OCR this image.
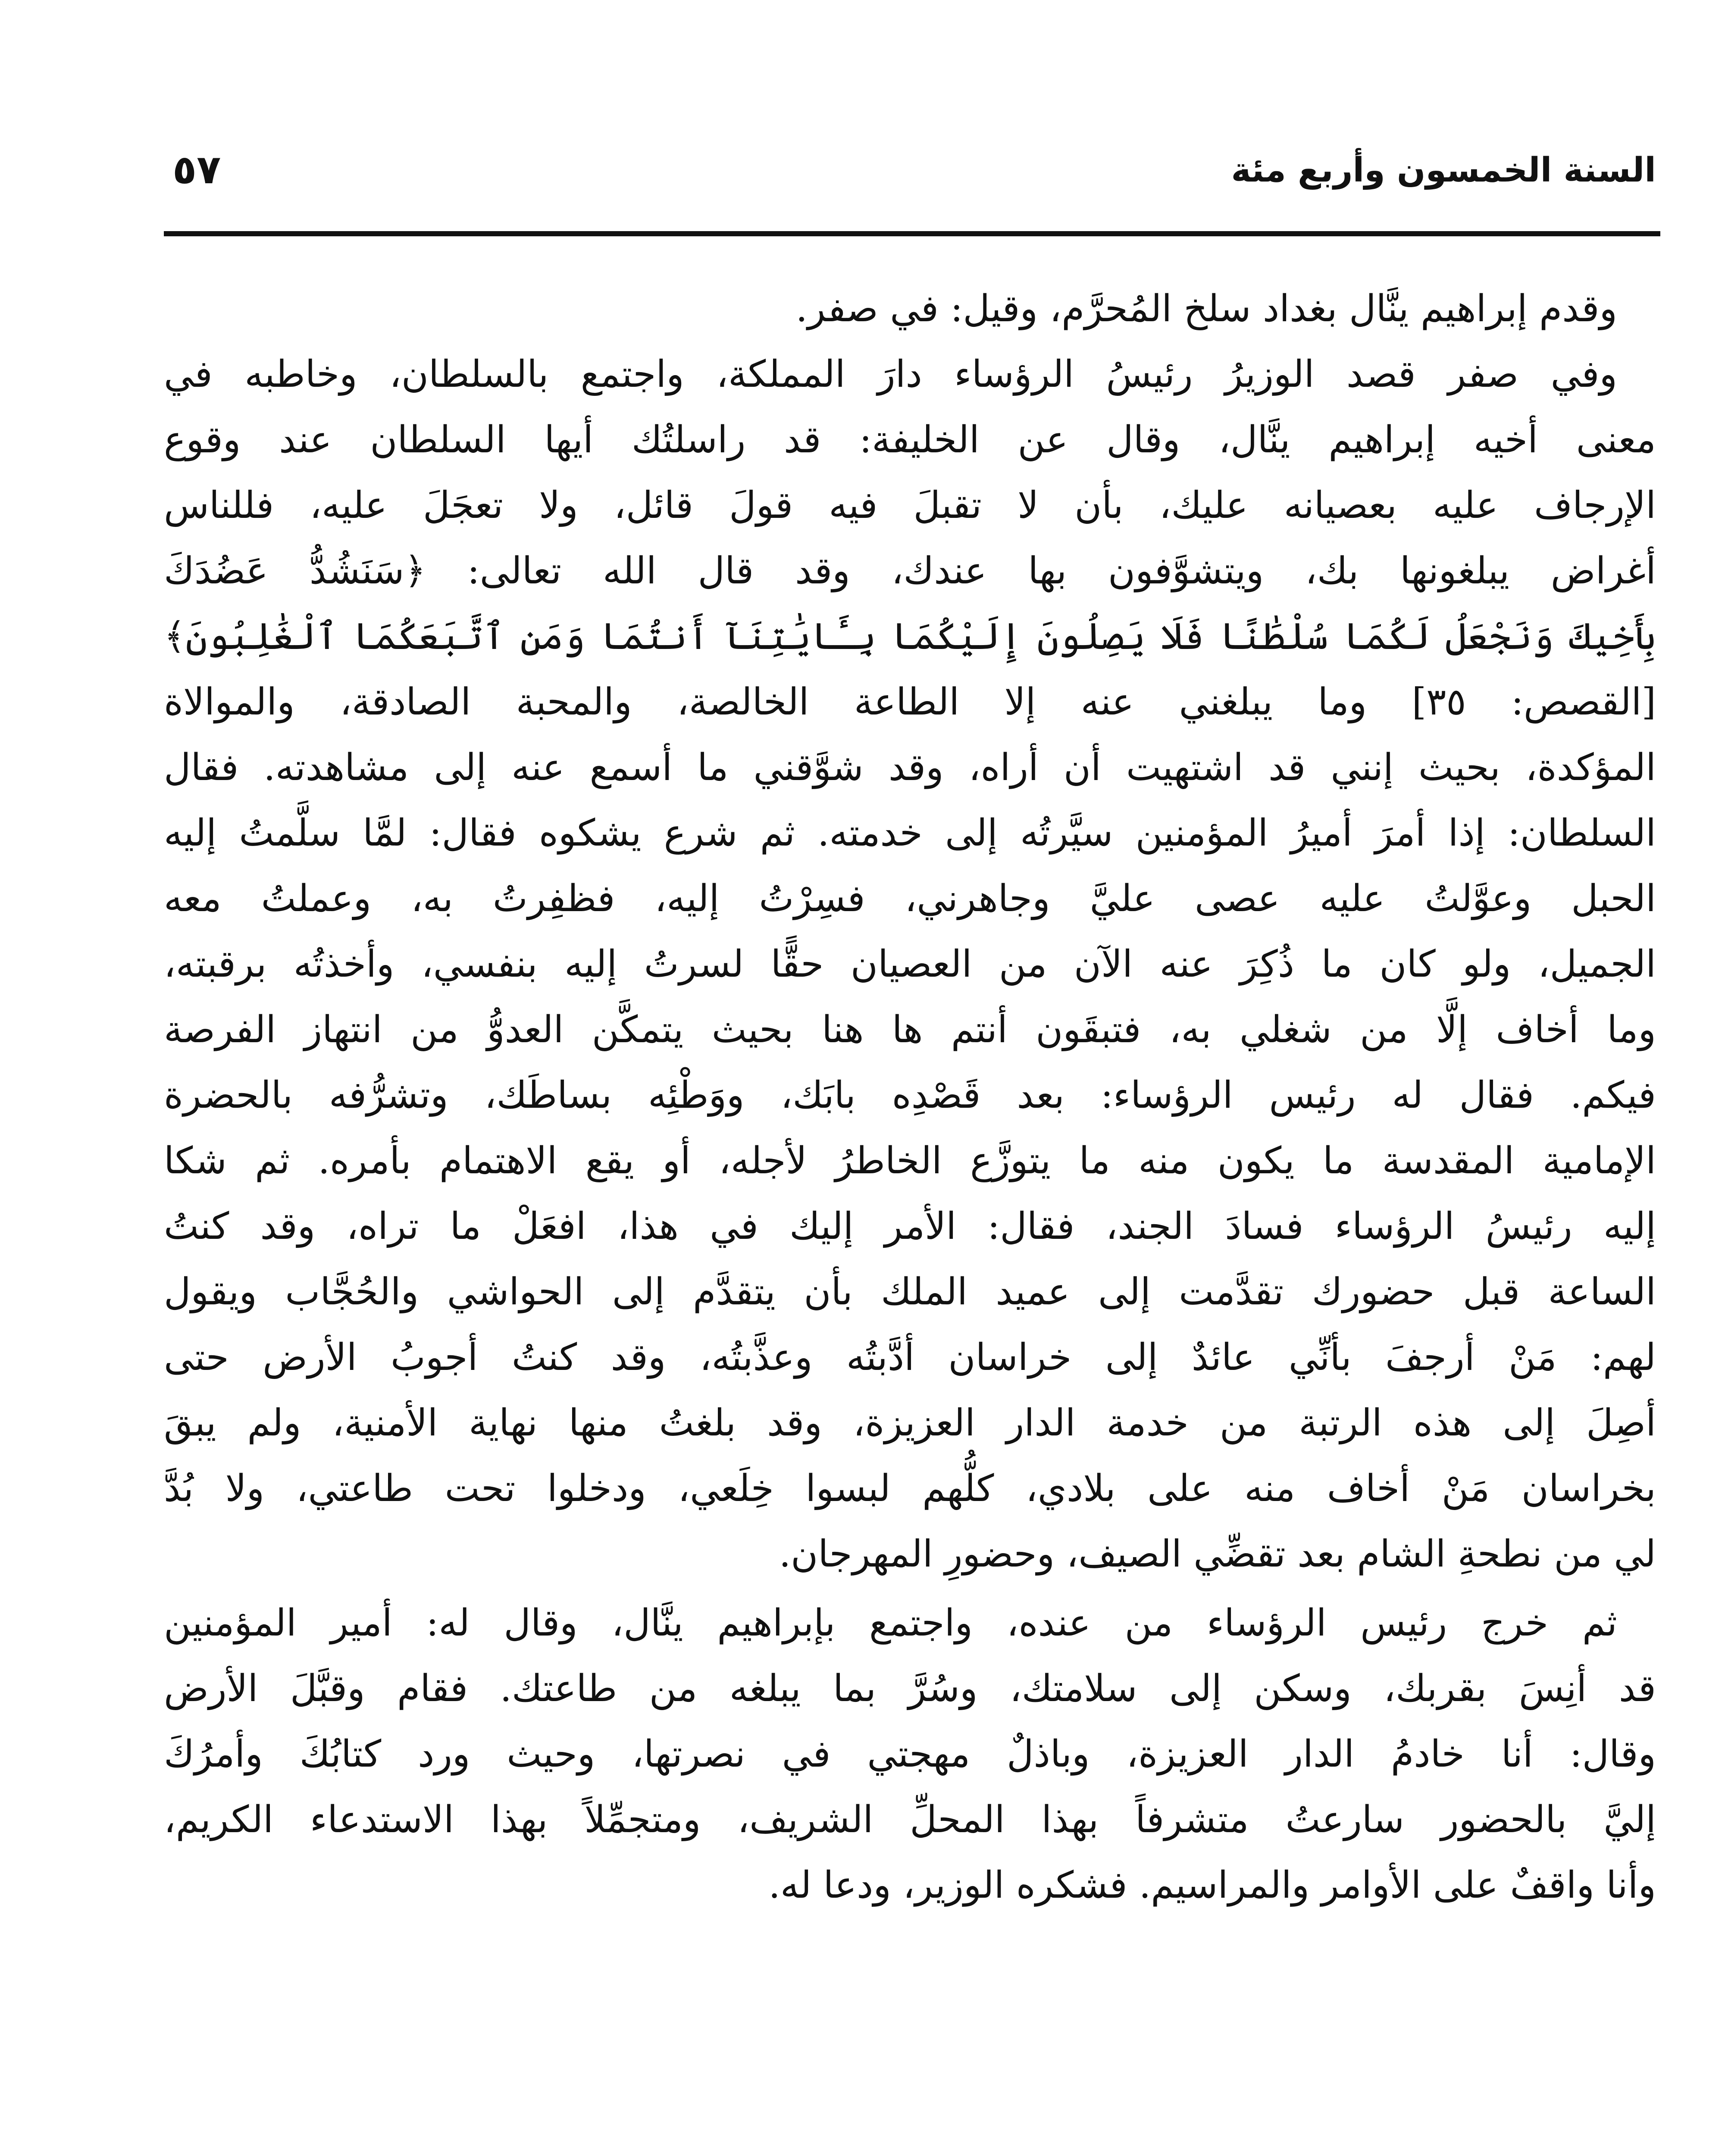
السنة الخمسون وأربع مئة
٥٧
وقدم إبراهيم ينَّال بغداد سلخ المُحرَّم، وقيل: في صفر.
وفي صفر قصد الوزيرُ رئيسُ الرؤساء دارَ المملكة، واجتمع بالسلطان، وخاطبه في
معنى أخيه إبراهيم ينَّال، وقال عن الخليفة: قد راسلتُك أيها السلطان عند وقوع
الإرجاف عليه بعصيانه عليك، بأن لا تقبلَ فيه قولَ قائل، ولا تعجَلَ عليه، فللناس
أغراض يبلغونها بك، ويتشوَّفون بها عندك، وقد قال الله تعالى: ﴿سَنَشُدُّ عَضُدَكَ
بِأَخِيكَ وَنَجْعَلُ لَكُمَا سُلْطَٰنًا فَلَا يَصِلُونَ إِلَيْكُمَا بِـَٔايَٰتِنَآ أَنتُمَا وَمَنِ ٱتَّبَعَكُمَا ٱلْغَٰلِبُونَ﴾
[القصص: ٣٥] وما يبلغني عنه إلا الطاعة الخالصة، والمحبة الصادقة، والموالاة
المؤكدة، بحيث إنني قد اشتهيت أن أراه، وقد شوَّقني ما أسمع عنه إلى مشاهدته. فقال
السلطان: إذا أمرَ أميرُ المؤمنين سيَّرتُه إلى خدمته. ثم شرع يشكوه فقال: لمَّا سلَّمتُ إليه
الحبل وعوَّلتُ عليه عصى عليَّ وجاهرني، فسِرْتُ إليه، فظفِرتُ به، وعملتُ معه
الجميل، ولو كان ما ذُكِرَ عنه الآن من العصيان حقًّا لسرتُ إليه بنفسي، وأخذتُه برقبته،
وما أخاف إلَّا من شغلي به، فتبقَون أنتم ها هنا بحيث يتمكَّن العدوُّ من انتهاز الفرصة
فيكم. فقال له رئيس الرؤساء: بعد قَصْدِه بابَك، ووَطْئِه بساطَك، وتشرُّفه بالحضرة
الإمامية المقدسة ما يكون منه ما يتوزَّع الخاطرُ لأجله، أو يقع الاهتمام بأمره. ثم شكا
إليه رئيسُ الرؤساء فسادَ الجند، فقال: الأمر إليك في هذا، افعَلْ ما تراه، وقد كنتُ
الساعة قبل حضورك تقدَّمت إلى عميد الملك بأن يتقدَّم إلى الحواشي والحُجَّاب ويقول
لهم: مَنْ أرجفَ بأنِّي عائدٌ إلى خراسان أدَّبتُه وعذَّبتُه، وقد كنتُ أجوبُ الأرض حتى
أصِلَ إلى هذه الرتبة من خدمة الدار العزيزة، وقد بلغتُ منها نهاية الأمنية، ولم يبقَ
بخراسان مَنْ أخاف منه على بلادي، كلُّهم لبسوا خِلَعي، ودخلوا تحت طاعتي، ولا بُدَّ
لي من نطحةِ الشام بعد تقضِّي الصيف، وحضورِ المهرجان.
ثم خرج رئيس الرؤساء من عنده، واجتمع بإبراهيم ينَّال، وقال له: أمير المؤمنين
قد أنِسَ بقربك، وسكن إلى سلامتك، وسُرَّ بما يبلغه من طاعتك. فقام وقبَّلَ الأرض
وقال: أنا خادمُ الدار العزيزة، وباذلٌ مهجتي في نصرتها، وحيث ورد كتابُكَ وأمرُكَ
إليَّ بالحضور سارعتُ متشرفاً بهذا المحلِّ الشريف، ومتجمِّلاً بهذا الاستدعاء الكريم،
وأنا واقفٌ على الأوامر والمراسيم. فشكره الوزير، ودعا له.
